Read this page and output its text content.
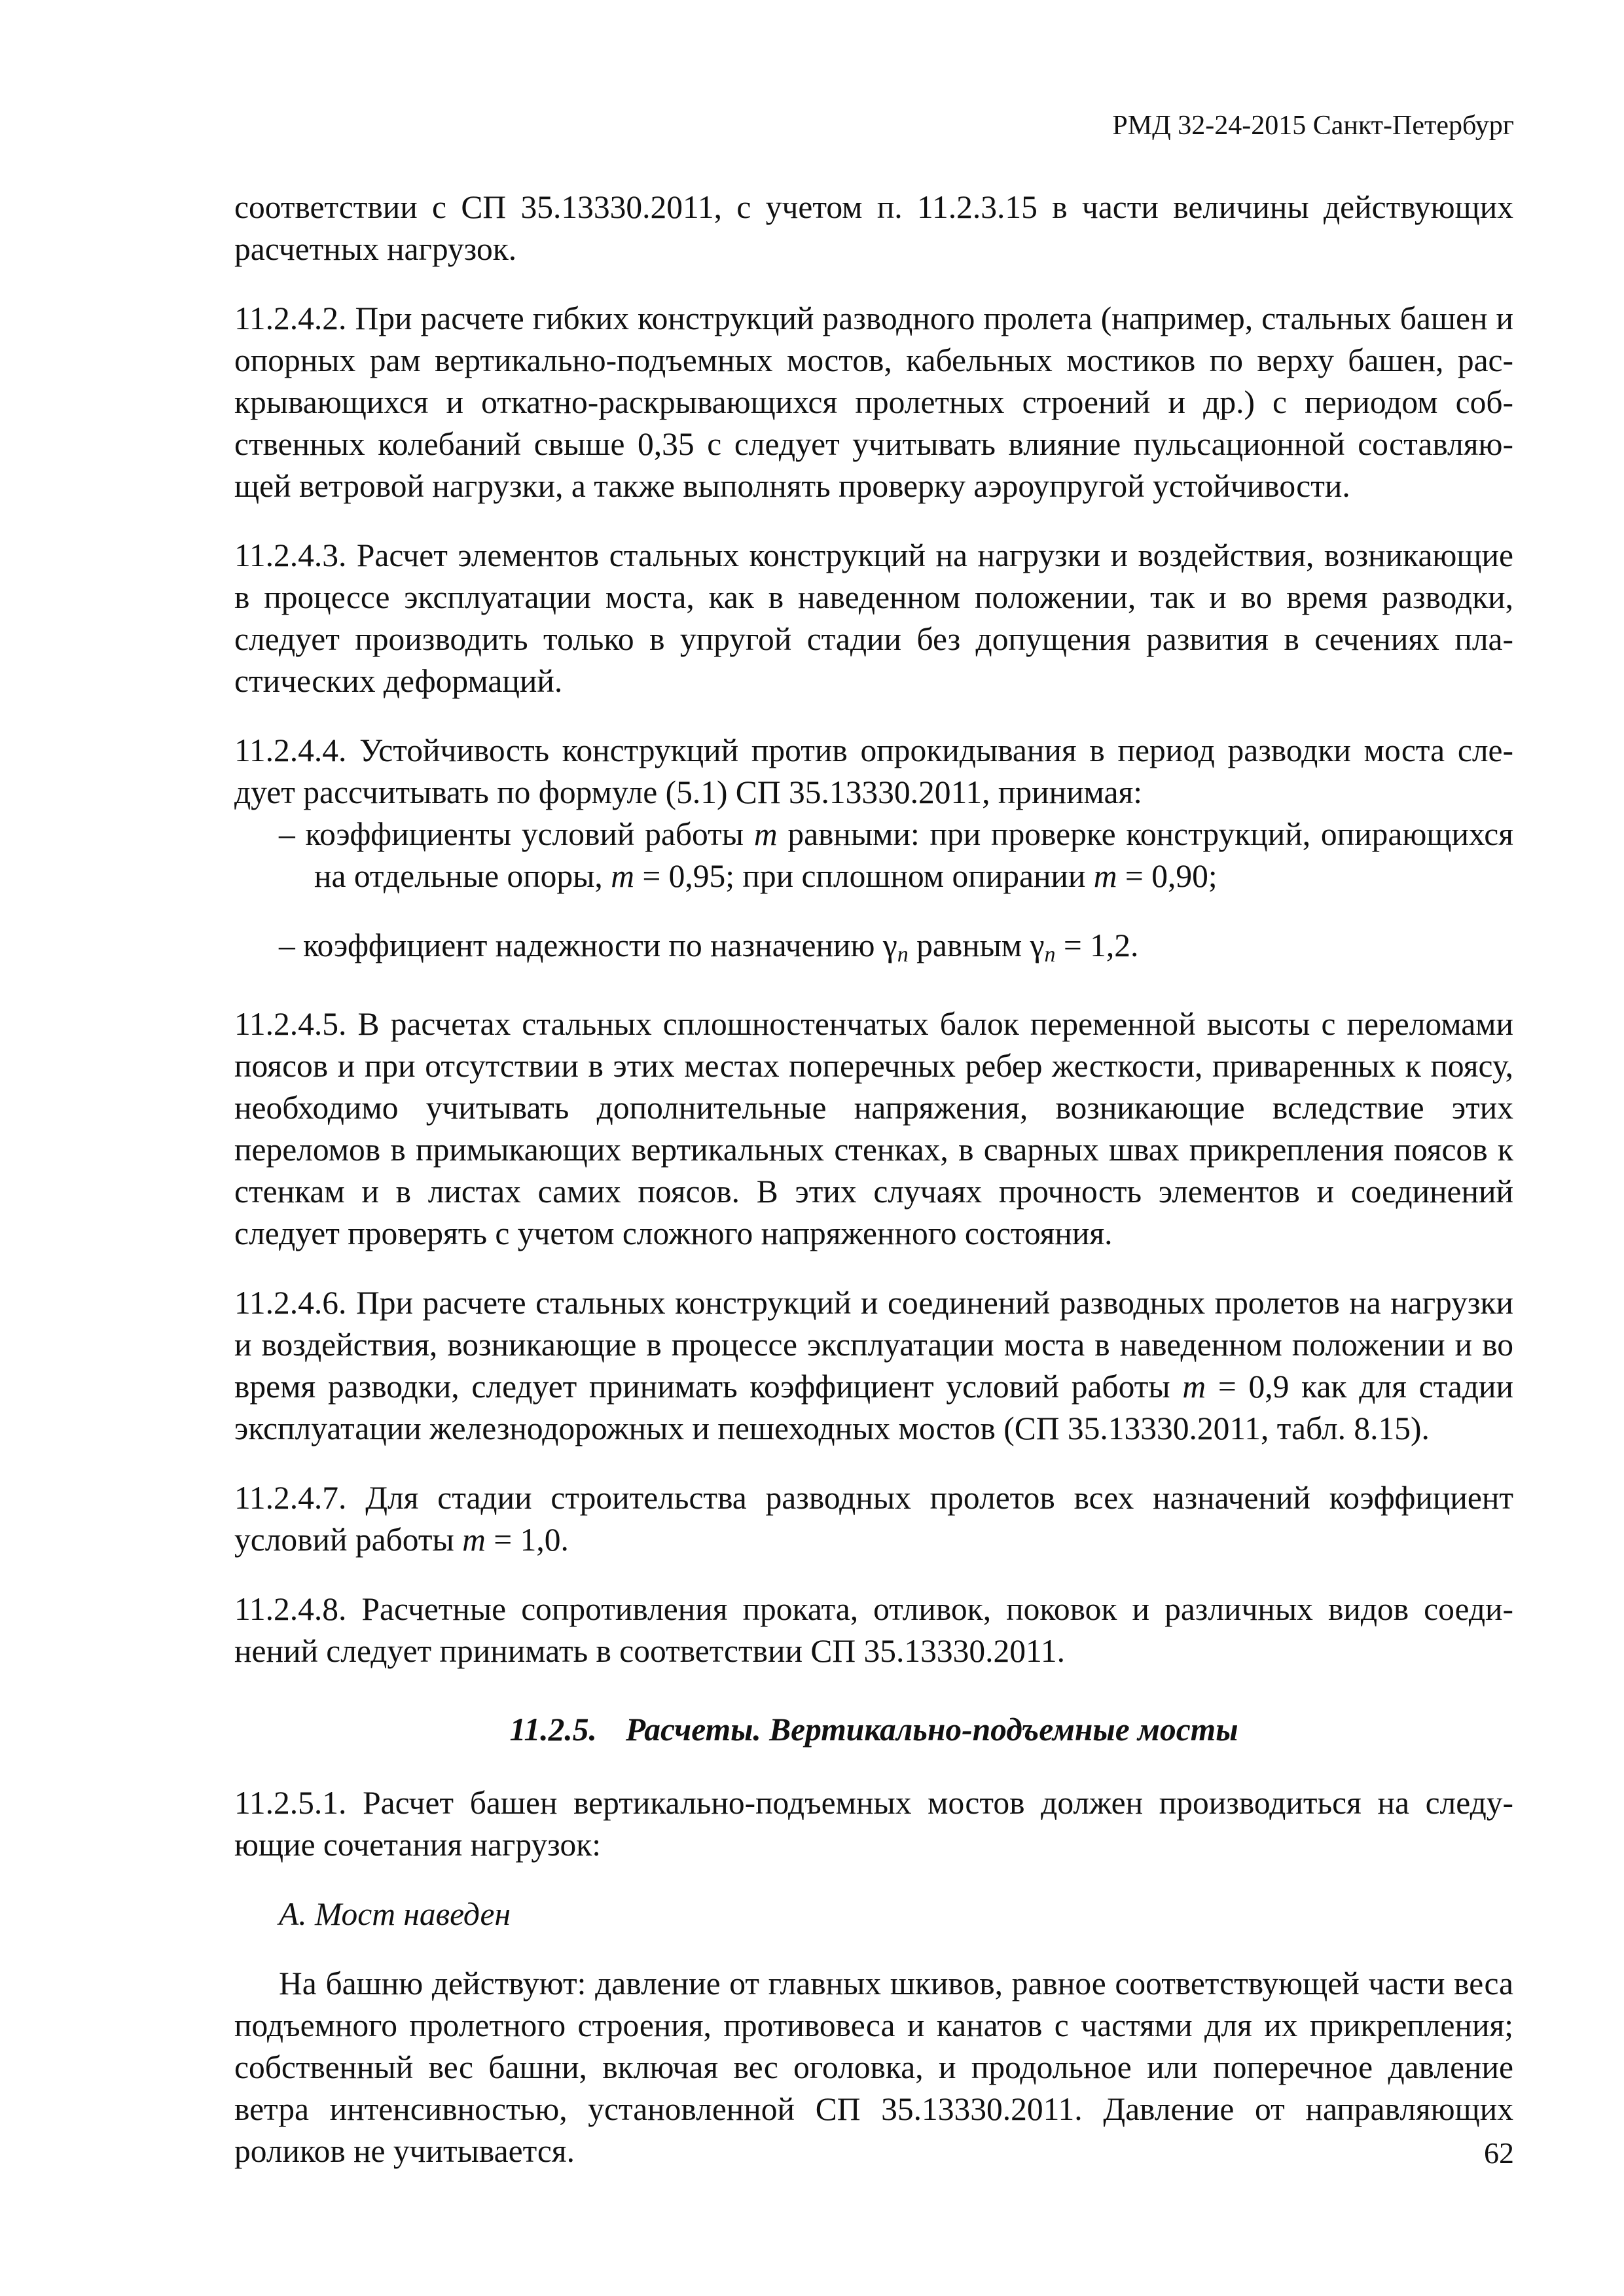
РМД 32-24-2015 Санкт-Петербург

соответствии с СП 35.13330.2011, с учетом п. 11.2.3.15 в части величины действующих расчетных нагрузок.

11.2.4.2. При расчете гибких конструкций разводного пролета (например, стальных башен и опорных рам вертикально-подъемных мостов, кабельных мостиков по верху башен, раскрывающихся и откатно-раскрывающихся пролетных строений и др.) с периодом собственных колебаний свыше 0,35 с следует учитывать влияние пульсационной составляющей ветровой нагрузки, а также выполнять проверку аэроупругой устойчивости.

11.2.4.3. Расчет элементов стальных конструкций на нагрузки и воздействия, возникающие в процессе эксплуатации моста, как в наведенном положении, так и во время разводки, следует производить только в упругой стадии без допущения развития в сечениях пластических деформаций.

11.2.4.4. Устойчивость конструкций против опрокидывания в период разводки моста следует рассчитывать по формуле (5.1) СП 35.13330.2011, принимая:

– коэффициенты условий работы m равными: при проверке конструкций, опирающихся на отдельные опоры, m = 0,95; при сплошном опирании m = 0,90;

– коэффициент надежности по назначению $\gamma_n$ равным $\gamma_n = 1,2$.

11.2.4.5. В расчетах стальных сплошностенчатых балок переменной высоты с переломами поясов и при отсутствии в этих местах поперечных ребер жесткости, приваренных к поясу, необходимо учитывать дополнительные напряжения, возникающие вследствие этих переломов в примыкающих вертикальных стенках, в сварных швах прикрепления поясов к стенкам и в листах самих поясов. В этих случаях прочность элементов и соединений следует проверять с учетом сложного напряженного состояния.

11.2.4.6. При расчете стальных конструкций и соединений разводных пролетов на нагрузки и воздействия, возникающие в процессе эксплуатации моста в наведенном положении и во время разводки, следует принимать коэффициент условий работы m = 0,9 как для стадии эксплуатации железнодорожных и пешеходных мостов (СП 35.13330.2011, табл. 8.15).

11.2.4.7. Для стадии строительства разводных пролетов всех назначений коэффициент условий работы m = 1,0.

11.2.4.8. Расчетные сопротивления проката, отливок, поковок и различных видов соединений следует принимать в соответствии СП 35.13330.2011.

11.2.5. Расчеты. Вертикально-подъемные мосты

11.2.5.1. Расчет башен вертикально-подъемных мостов должен производиться на следующие сочетания нагрузок:

А. Мост наведен

На башню действуют: давление от главных шкивов, равное соответствующей части веса подъемного пролетного строения, противовеса и канатов с частями для их прикрепления; собственный вес башни, включая вес оголовка, и продольное или поперечное давление ветра интенсивностью, установленной СП 35.13330.2011. Давление от направляющих роликов не учитывается.	62
